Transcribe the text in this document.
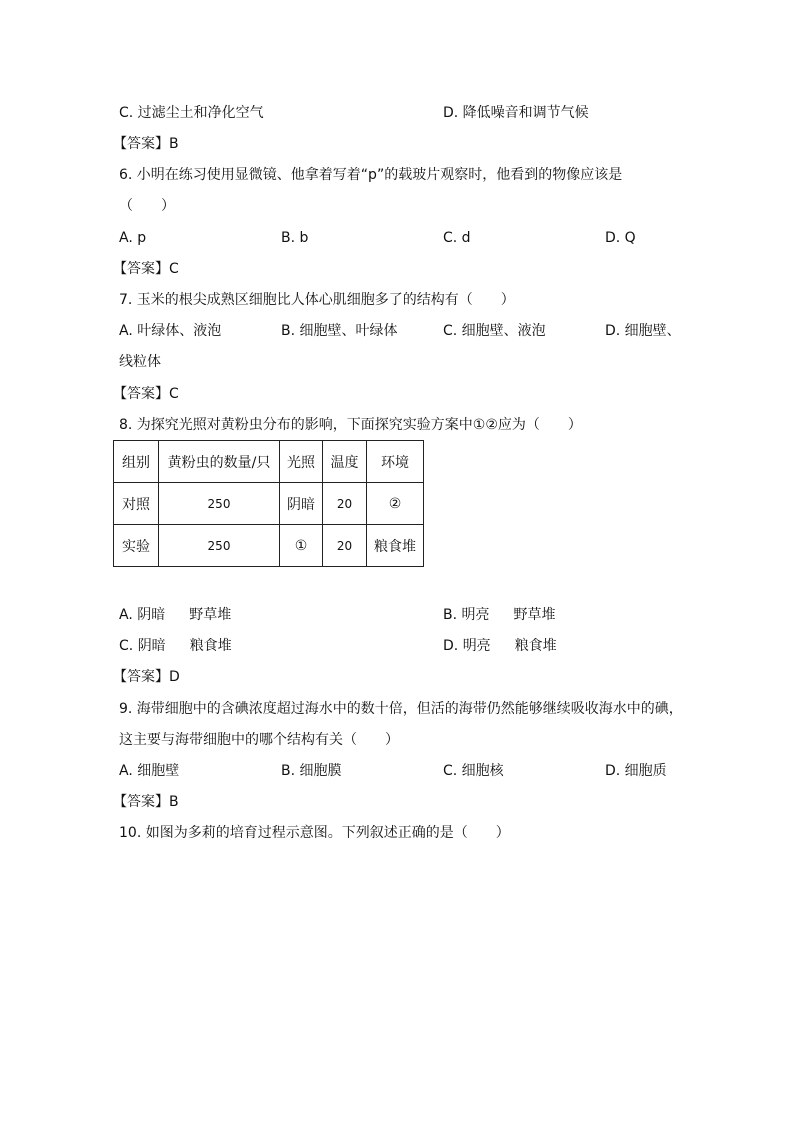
C. 过滤尘土和净化空气	D. 降低噪音和调节气候
【答案】B
6. 小明在练习使用显微镜、他拿着写着“p”的载玻片观察时，他看到的物像应该是
（　　）
A. p	B. b	C. d	D. Q
【答案】C
7. 玉米的根尖成熟区细胞比人体心肌细胞多了的结构有（　　）
A. 叶绿体、液泡	B. 细胞壁、叶绿体	C. 细胞壁、液泡	D. 细胞壁、
线粒体
【答案】C
8. 为探究光照对黄粉虫分布的影响，下面探究实验方案中①②应为（　　）
组别	黄粉虫的数量/只	光照	温度	环境
对照	250	阴暗	20	②
实验	250	①	20	粮食堆
A. 阴暗 野草堆	B. 明亮 野草堆
C. 阴暗 粮食堆	D. 明亮 粮食堆
【答案】D
9. 海带细胞中的含碘浓度超过海水中的数十倍，但活的海带仍然能够继续吸收海水中的碘，
这主要与海带细胞中的哪个结构有关（　　）
A. 细胞壁	B. 细胞膜	C. 细胞核	D. 细胞质
【答案】B
10. 如图为多莉的培育过程示意图。下列叙述正确的是（　　）
